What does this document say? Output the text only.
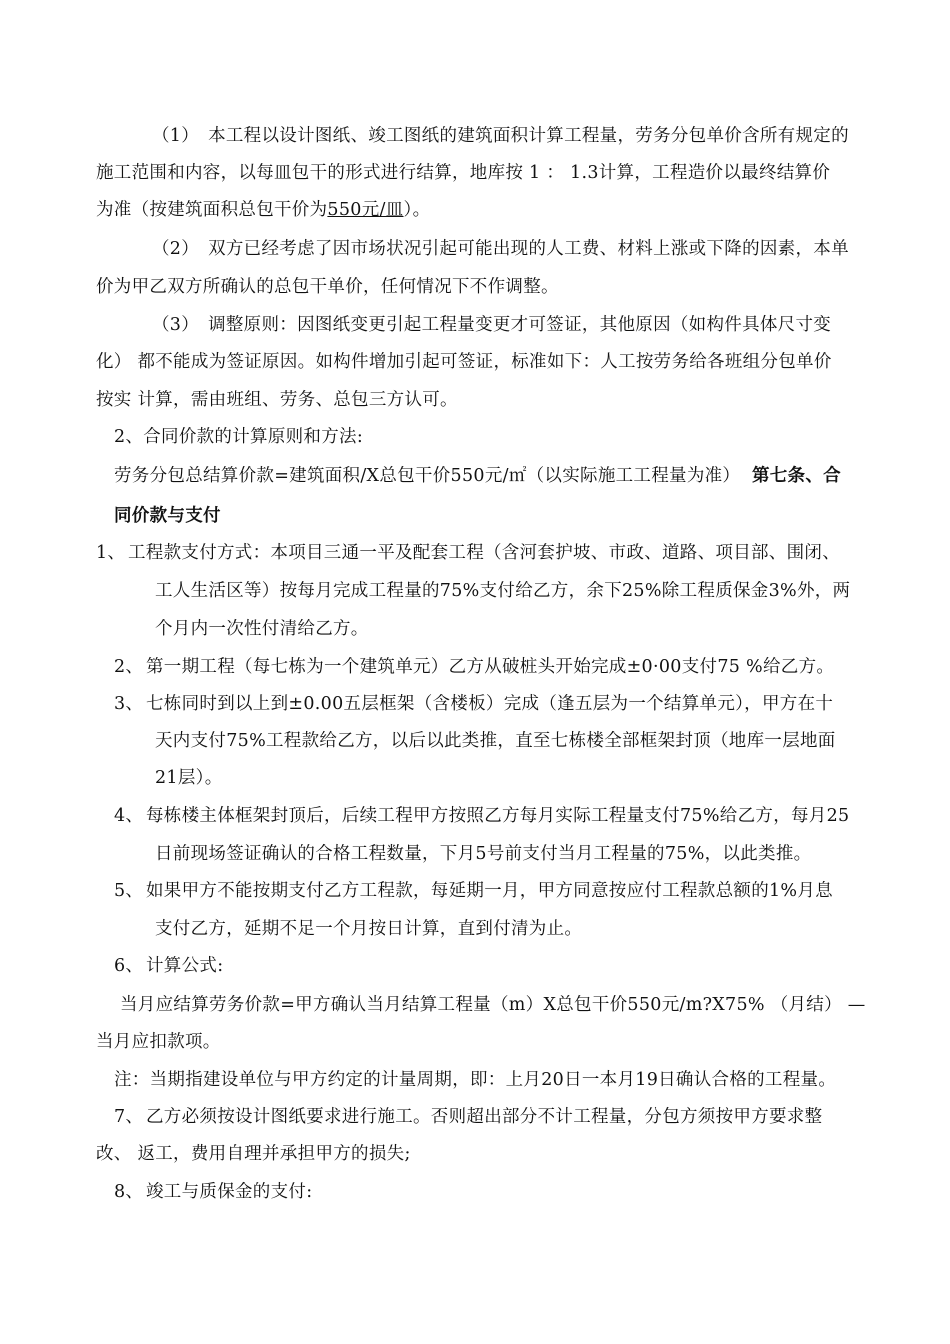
（1）　本工程以设计图纸、竣工图纸的建筑面积计算工程量，劳务分包单价含所有规定的
施工范围和内容，以每皿包干的形式进行结算，地库按 1 ： 1.3计算，工程造价以最终结算价
为准（按建筑面积总包干价为550元/皿）。
（2）　双方已经考虑了因市场状况引起可能出现的人工费、材料上涨或下降的因素，本单
价为甲乙双方所确认的总包干单价，任何情况下不作调整。
（3）　调整原则：因图纸变更引起工程量变更才可签证，其他原因（如构件具体尺寸变
化） 都不能成为签证原因。如构件增加引起可签证，标准如下：人工按劳务给各班组分包单价
按实 计算，需由班组、劳务、总包三方认可。
2、合同价款的计算原则和方法:
劳务分包总结算价款=建筑面积/X总包干价550元/㎡（以实际施工工程量为准） 第七条、合
同价款与支付
1、 工程款支付方式：本项目三通一平及配套工程（含河套护坡、市政、道路、项目部、围闭、
工人生活区等）按每月完成工程量的75%支付给乙方，余下25%除工程质保金3%外，两
个月内一次性付清给乙方。
2、 第一期工程（每七栋为一个建筑单元）乙方从破桩头开始完成±0·00支付75 %给乙方。
3、 七栋同时到以上到±0.00五层框架（含楼板）完成（逢五层为一个结算单元），甲方在十
天内支付75%工程款给乙方，以后以此类推，直至七栋楼全部框架封顶（地库一层地面
21层）。
4、 每栋楼主体框架封顶后，后续工程甲方按照乙方每月实际工程量支付75%给乙方，每月25
日前现场签证确认的合格工程数量，下月5号前支付当月工程量的75%，以此类推。
5、 如果甲方不能按期支付乙方工程款，每延期一月，甲方同意按应付工程款总额的1%月息
支付乙方，延期不足一个月按日计算，直到付清为止。
6、 计算公式:
当月应结算劳务价款=甲方确认当月结算工程量（m）X总包干价550元/m?X75% （月结） —
当月应扣款项。
注：当期指建设单位与甲方约定的计量周期，即：上月20日一本月19日确认合格的工程量。
7、 乙方必须按设计图纸要求进行施工。否则超出部分不计工程量，分包方须按甲方要求整
改、 返工，费用自理并承担甲方的损失;
8、 竣工与质保金的支付:
